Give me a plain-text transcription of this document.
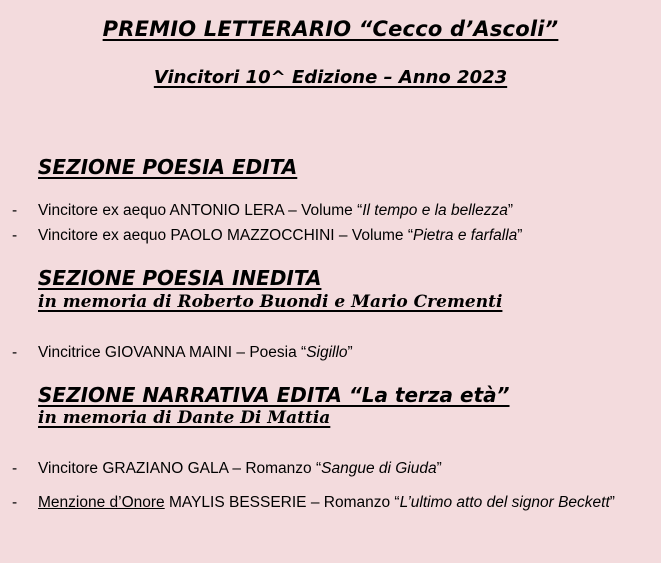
PREMIO LETTERARIO “Cecco d’Ascoli”
Vincitori 10^ Edizione – Anno 2023
SEZIONE POESIA EDITA
-	Vincitore ex aequo ANTONIO LERA – Volume “Il tempo e la bellezza”
-	Vincitore ex aequo PAOLO MAZZOCCHINI – Volume “Pietra e farfalla”
SEZIONE POESIA INEDITA
in memoria di Roberto Buondi e Mario Crementi
-	Vincitrice GIOVANNA MAINI – Poesia “Sigillo”
SEZIONE NARRATIVA EDITA “La terza età”
in memoria di Dante Di Mattia
-	Vincitore GRAZIANO GALA – Romanzo “Sangue di Giuda”
-	Menzione d’Onore MAYLIS BESSERIE – Romanzo “L’ultimo atto del signor Beckett”
